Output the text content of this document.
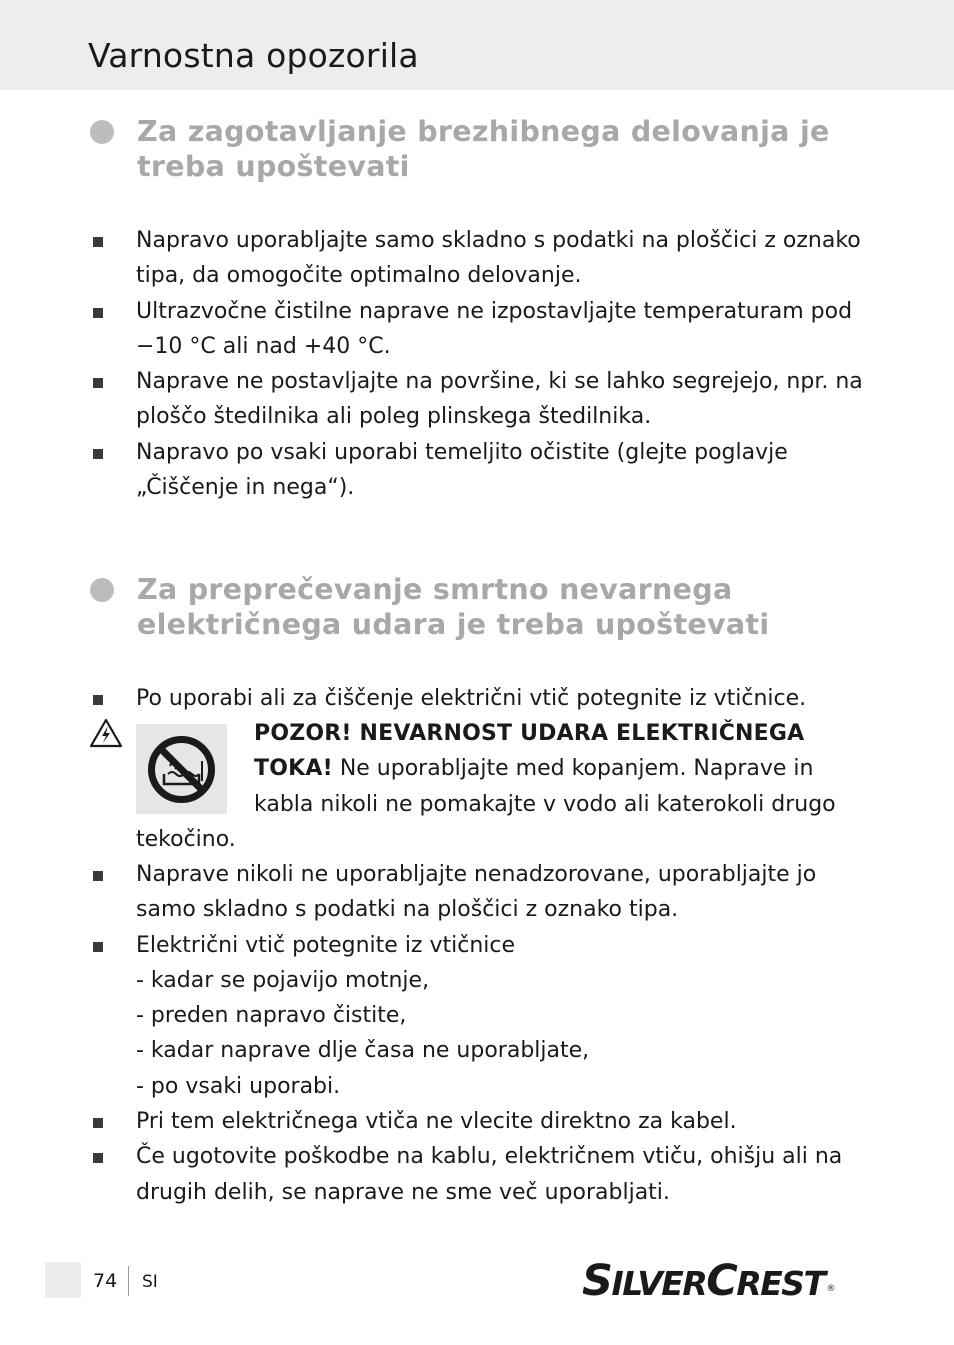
Varnostna opozorila
Za zagotavljanje brezhibnega delovanja je treba upoštevati
Napravo uporabljajte samo skladno s podatki na ploščici z oznako tipa, da omogočite optimalno delovanje.
Ultrazvočne čistilne naprave ne izpostavljajte temperaturam pod −10 °C ali nad +40 °C.
Naprave ne postavljajte na površine, ki se lahko segrejejo, npr. na ploščo štedilnika ali poleg plinskega štedilnika.
Napravo po vsaki uporabi temeljito očistite (glejte poglavje „Čiščenje in nega“).
Za preprečevanje smrtno nevarnega električnega udara je treba upoštevati
Po uporabi ali za čiščenje električni vtič potegnite iz vtičnice.
POZOR! NEVARNOST UDARA ELEKTRIČNEGA TOKA! Ne uporabljajte med kopanjem. Naprave in kabla nikoli ne pomakajte v vodo ali katerokoli drugo
tekočino.
Naprave nikoli ne uporabljajte nenadzorovane, uporabljajte jo samo skladno s podatki na ploščici z oznako tipa.
Električni vtič potegnite iz vtičnice
- kadar se pojavijo motnje,
- preden napravo čistite,
- kadar naprave dlje časa ne uporabljate,
- po vsaki uporabi.
Pri tem električnega vtiča ne vlecite direktno za kabel.
Če ugotovite poškodbe na kablu, električnem vtiču, ohišju ali na drugih delih, se naprave ne sme več uporabljati.
74 SI	SILVERCREST ®
